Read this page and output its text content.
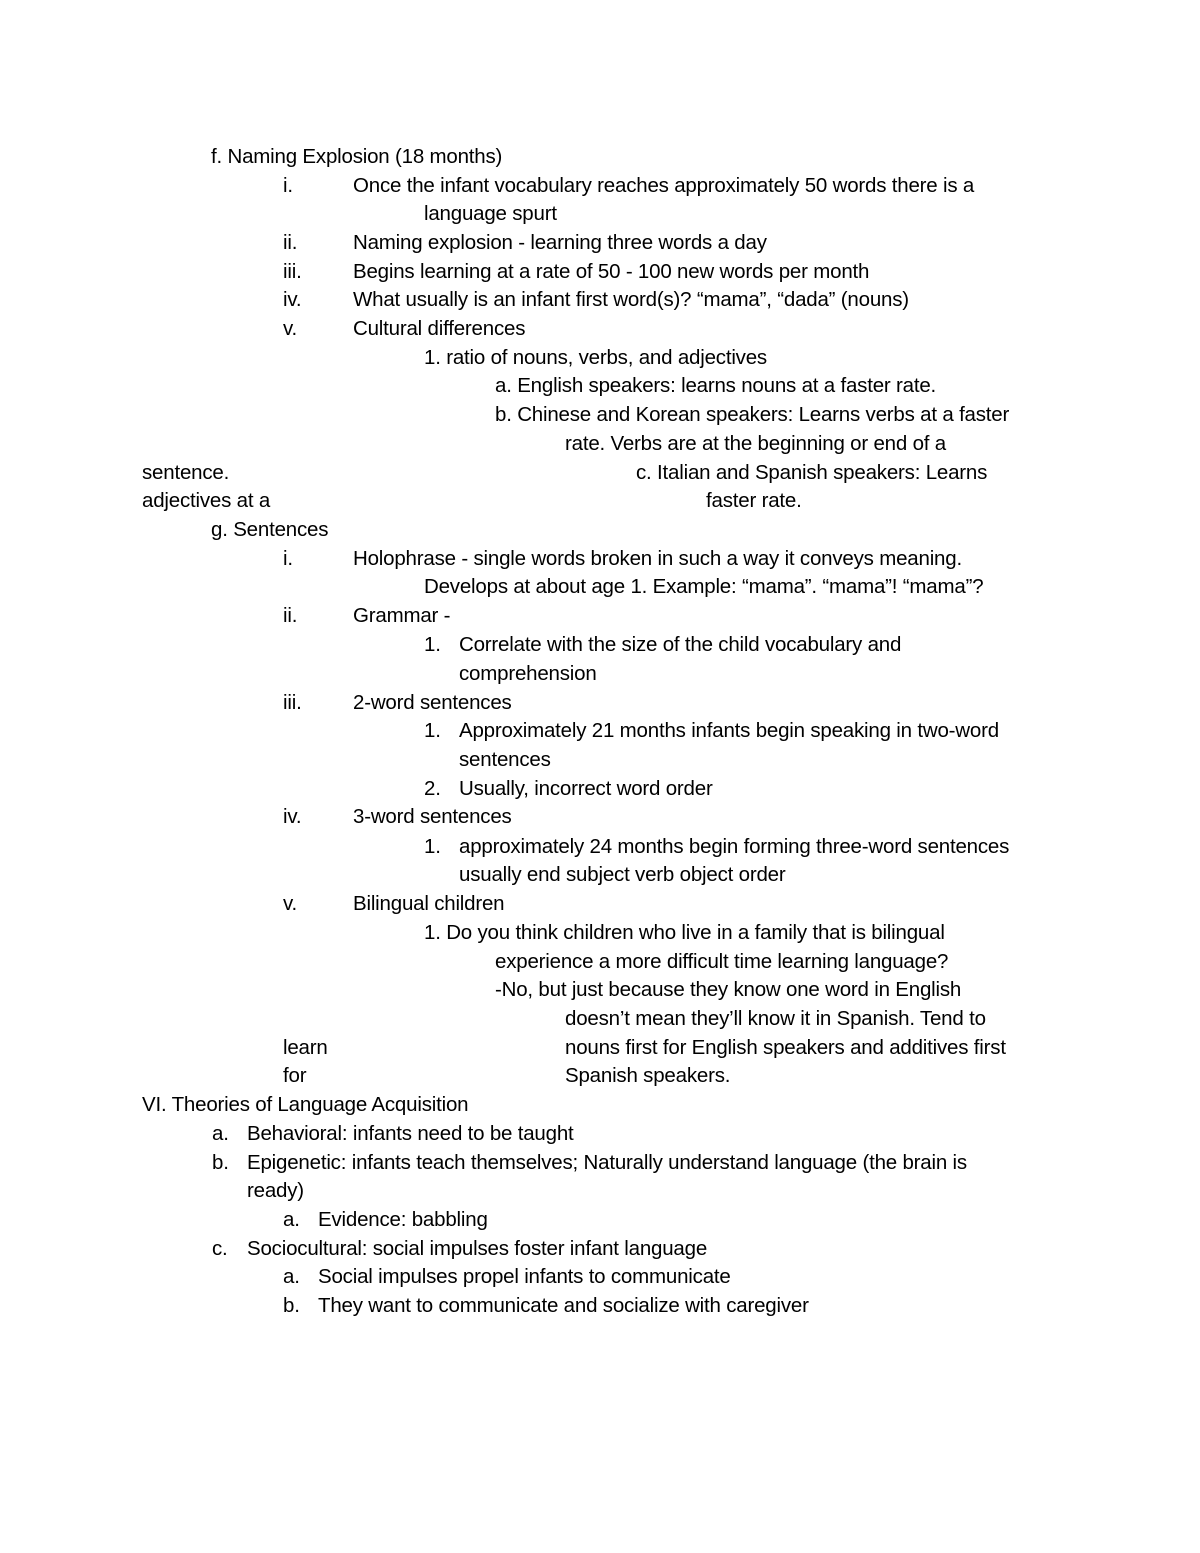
f. Naming Explosion (18 months)
i.	Once the infant vocabulary reaches approximately 50 words there is a
language spurt
ii.	Naming explosion - learning three words a day
iii.	Begins learning at a rate of 50 - 100 new words per month
iv.	What usually is an infant first word(s)? “mama”, “dada” (nouns)
v.	Cultural differences
1. ratio of nouns, verbs, and adjectives
a. English speakers: learns nouns at a faster rate.
b. Chinese and Korean speakers: Learns verbs at a faster
rate. Verbs are at the beginning or end of a
sentence.	c. Italian and Spanish speakers: Learns
adjectives at a	faster rate.
g. Sentences
i.	Holophrase - single words broken in such a way it conveys meaning.
Develops at about age 1. Example: “mama”. “mama”! “mama”?
ii.	Grammar -
1. Correlate with the size of the child vocabulary and
comprehension
iii.	2-word sentences
1. Approximately 21 months infants begin speaking in two-word
sentences
2. Usually, incorrect word order
iv.	3-word sentences
1. approximately 24 months begin forming three-word sentences
usually end subject verb object order
v.	Bilingual children
1. Do you think children who live in a family that is bilingual
experience a more difficult time learning language?
-No, but just because they know one word in English
doesn’t mean they’ll know it in Spanish. Tend to
learn	nouns first for English speakers and additives first
for	Spanish speakers.
VI. Theories of Language Acquisition
a. Behavioral: infants need to be taught
b. Epigenetic: infants teach themselves; Naturally understand language (the brain is
ready)
a. Evidence: babbling
c. Sociocultural: social impulses foster infant language
a. Social impulses propel infants to communicate
b. They want to communicate and socialize with caregiver
